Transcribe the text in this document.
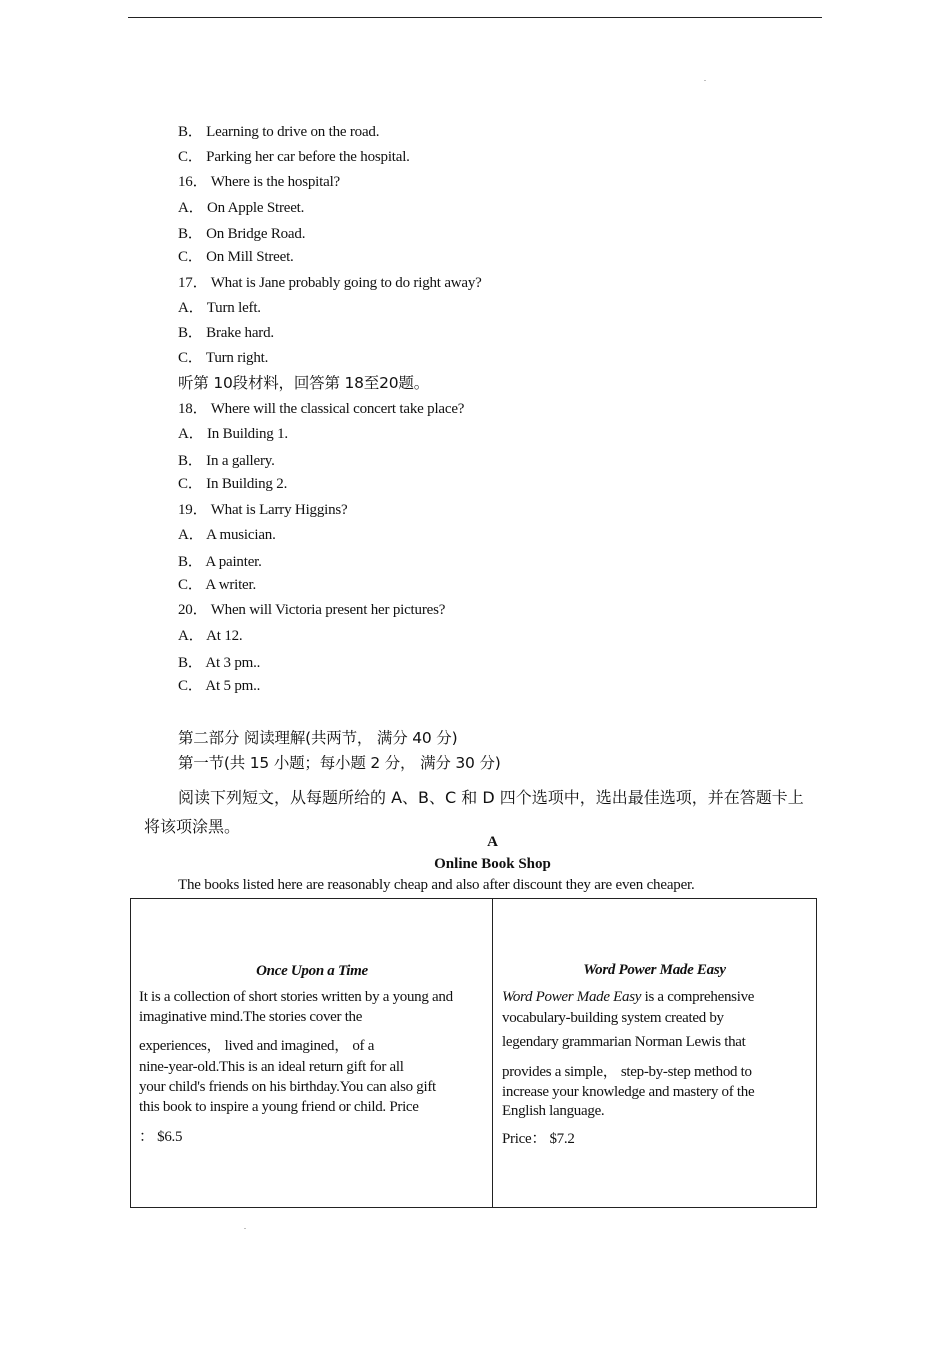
.
B． Learning to drive on the road.
C． Parking her car before the hospital.
16． Where is the hospital?
A． On Apple Street.
B． On Bridge Road.
C． On Mill Street.
17． What is Jane probably going to do right away?
A． Turn left.
B． Brake hard.
C． Turn right.
听第 10段材料，回答第 18至20题。
18． Where will the classical concert take place?
A． In Building 1.
B． In a gallery.
C． In Building 2.
19． What is Larry Higgins?
A． A musician.
B． A painter.
C． A writer.
20． When will Victoria present her pictures?
A． At 12.
B． At 3 pm..
C． At 5 pm..
第二部分 阅读理解(共两节， 满分 40 分)
第一节(共 15 小题；每小题 2 分， 满分 30 分)
阅读下列短文，从每题所给的 A、B、C 和 D 四个选项中，选出最佳选项，并在答题卡上将该项涂黑。
A
Online Book Shop
The books listed here are reasonably cheap and also after discount they are even cheaper.
Once Upon a Time
It is a collection of short stories written by a young and
imaginative mind.The stories cover the
experiences， lived and imagined， of a
nine-year-old.This is an ideal return gift for all
your child's friends on his birthday.You can also gift
this book to inspire a young friend or child. Price
： $6.5
Word Power Made Easy
Word Power Made Easy is a comprehensive
vocabulary-building system created by
legendary grammarian Norman Lewis that
provides a simple， step-by-step method to
increase your knowledge and mastery of the
English language.
Price： $7.2
.
